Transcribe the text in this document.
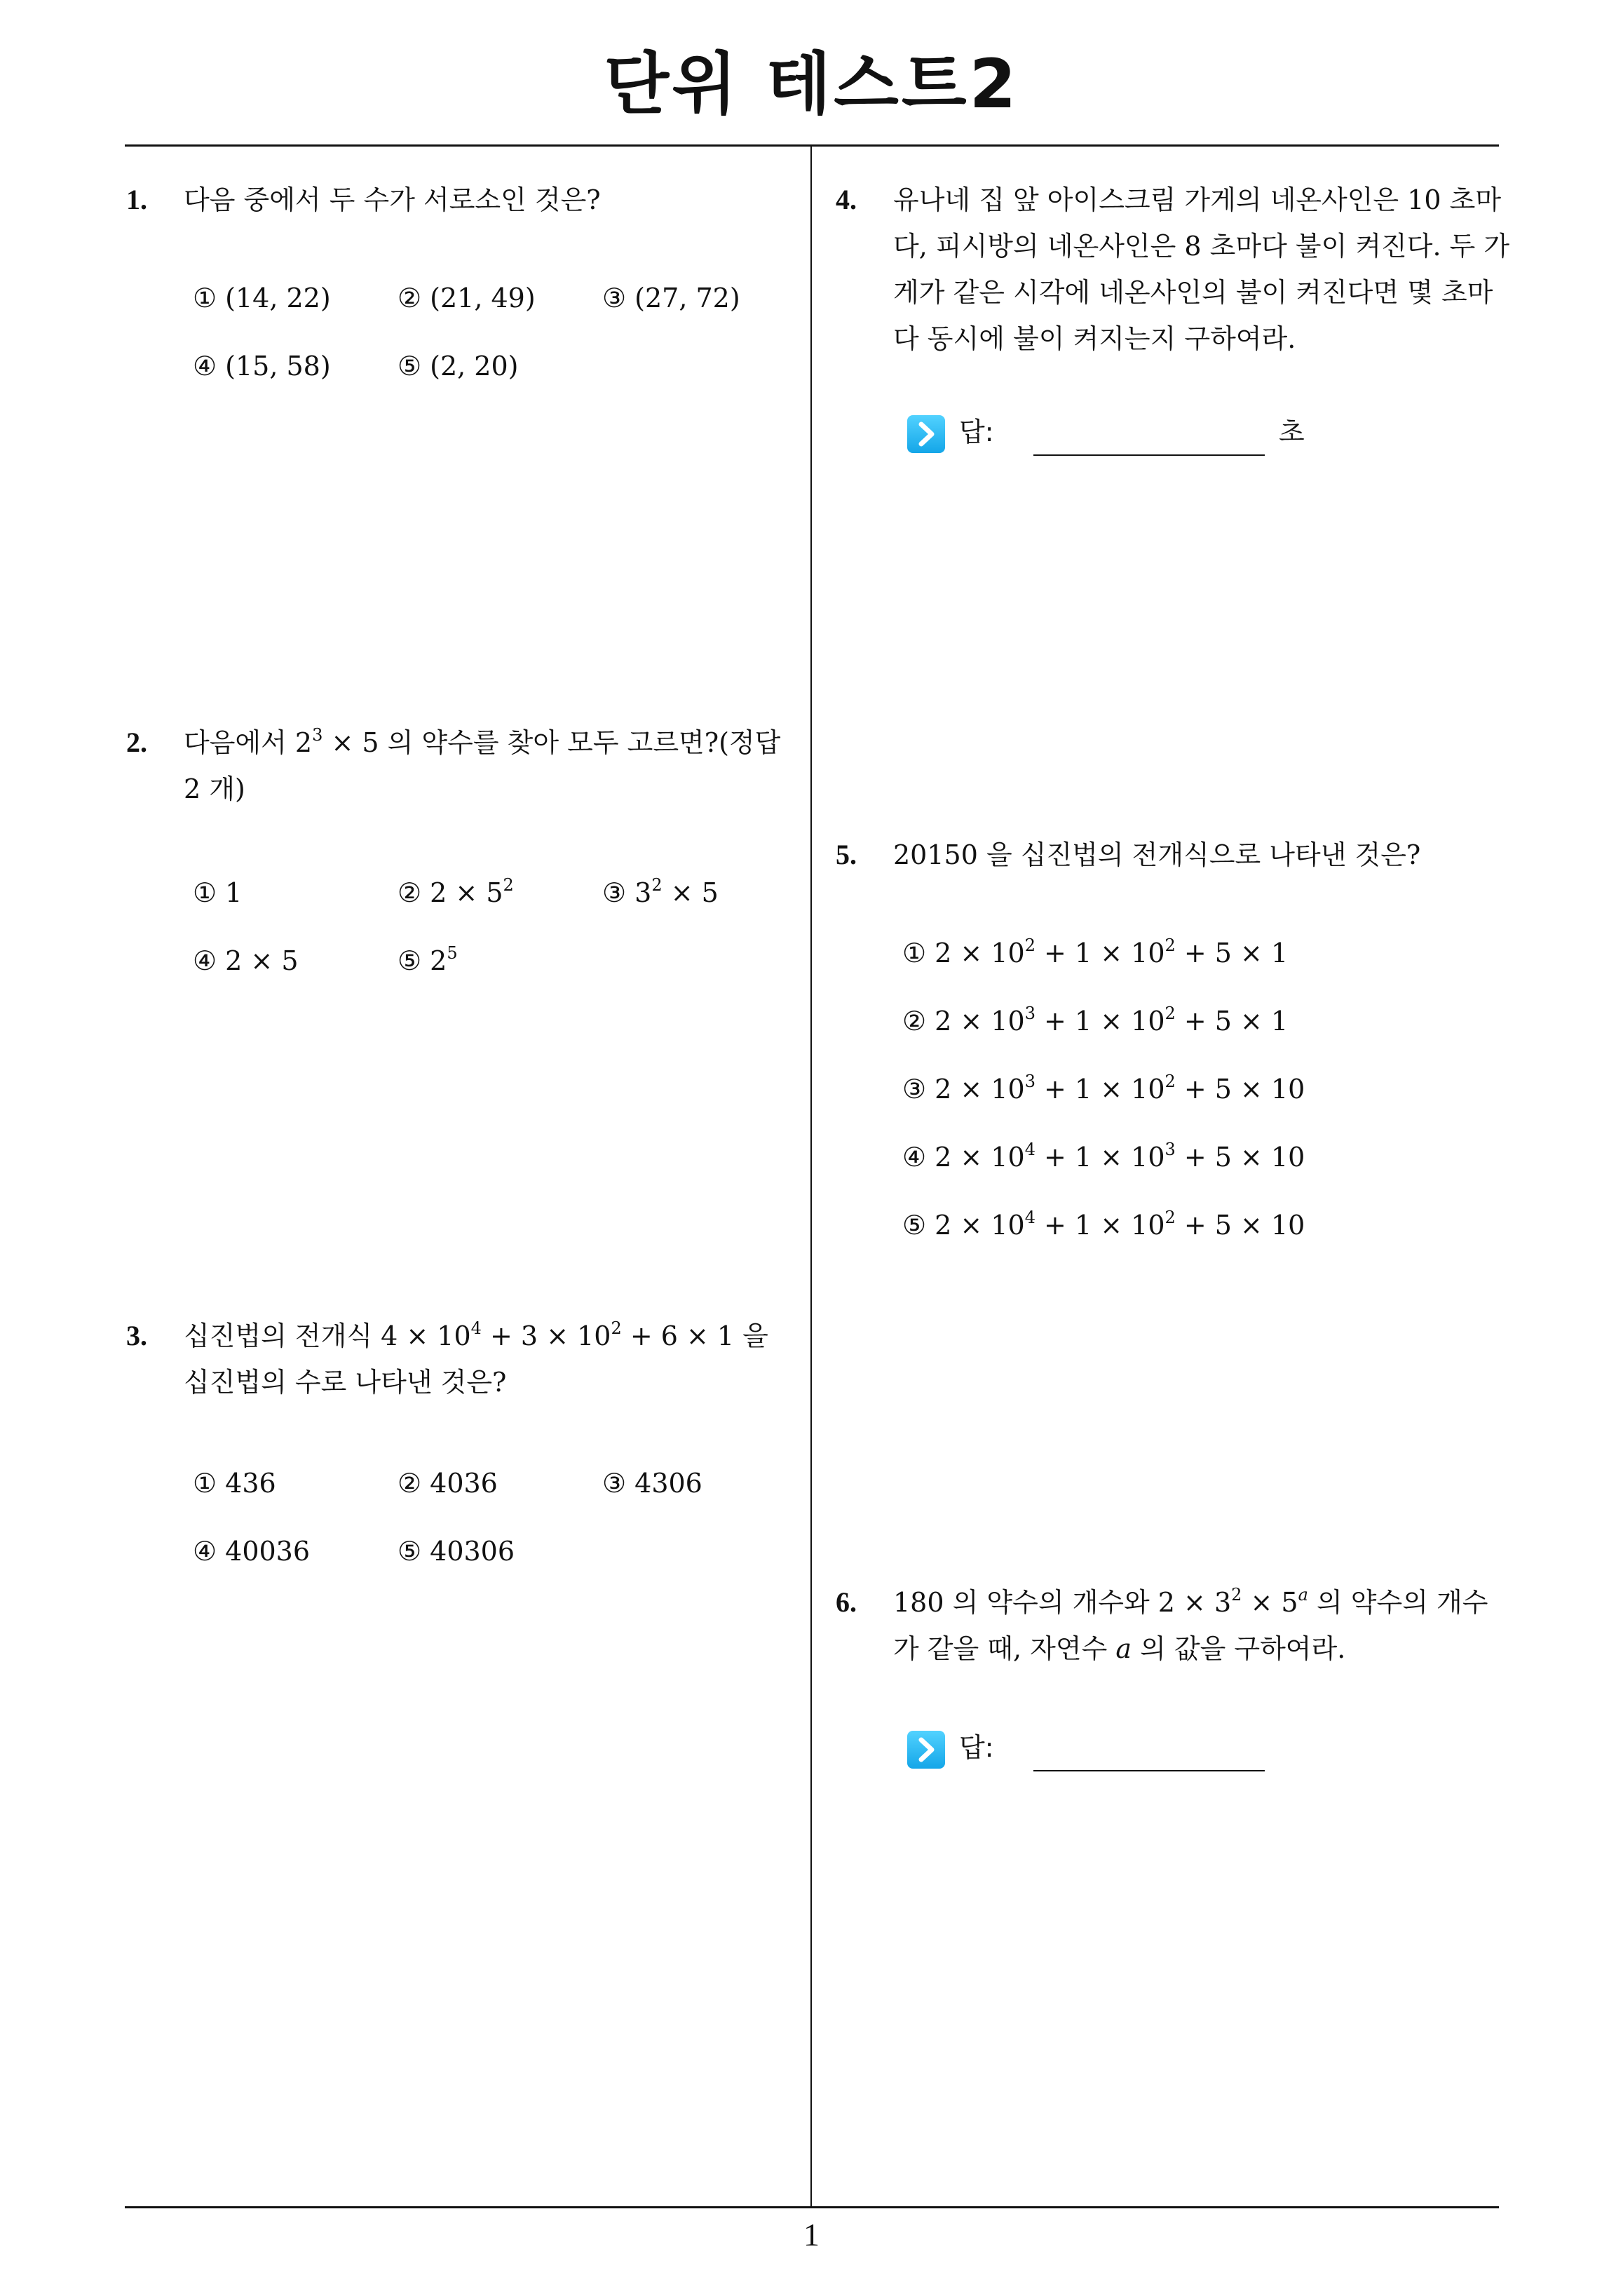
단위 테스트2
1. 다음 중에서 두 수가 서로소인 것은?
① (14, 22)	② (21, 49)	③ (27, 72)
④ (15, 58)	⑤ (2, 20)
2. 다음에서 $2^3 \times 5$ 의 약수를 찾아 모두 고르면?(정답 2 개)
① 1	② $2 \times 5^2$	③ $3^2 \times 5$
④ 2 × 5	⑤ $2^5$
3. 십진법의 전개식 $4 \times 10^4 + 3 \times 10^2 + 6 \times 1$ 을 십진법의 수로 나타낸 것은?
① 436	② 4036	③ 4306
④ 40036	⑤ 40306
4. 유나네 집 앞 아이스크림 가게의 네온사인은 10 초마다, 피시방의 네온사인은 8 초마다 불이 켜진다. 두 가게가 같은 시각에 네온사인의 불이 켜진다면 몇 초마다 동시에 불이 켜지는지 구하여라.
답:	초
5. 20150 을 십진법의 전개식으로 나타낸 것은?
① $2 \times 10^2 + 1 \times 10^2 + 5 \times 1$
② $2 \times 10^3 + 1 \times 10^2 + 5 \times 1$
③ $2 \times 10^3 + 1 \times 10^2 + 5 \times 10$
④ $2 \times 10^4 + 1 \times 10^3 + 5 \times 10$
⑤ $2 \times 10^4 + 1 \times 10^2 + 5 \times 10$
6. 180 의 약수의 개수와 $2 \times 3^2 \times 5^a$ 의 약수의 개수가 같을 때, 자연수 a 의 값을 구하여라.
답:
1
